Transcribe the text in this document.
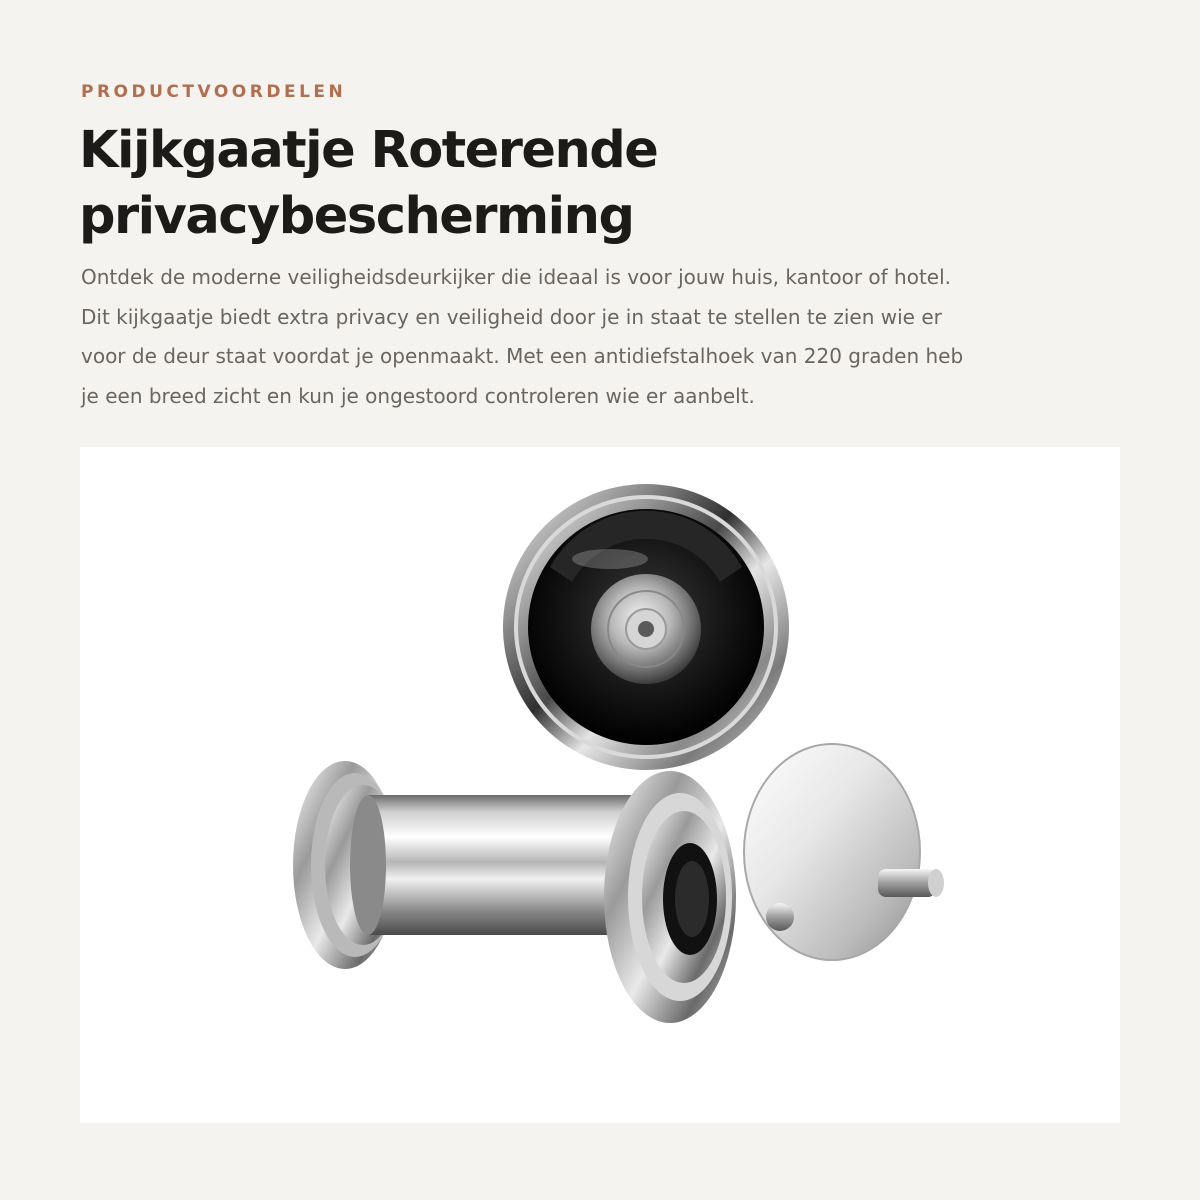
PRODUCTVOORDELEN
Kijkgaatje Roterende
privacybescherming

Ontdek de moderne veiligheidsdeurkijker die ideaal is voor jouw huis, kantoor of hotel.
Dit kijkgaatje biedt extra privacy en veiligheid door je in staat te stellen te zien wie er
voor de deur staat voordat je openmaakt. Met een antidiefstalhoek van 220 graden heb
je een breed zicht en kun je ongestoord controleren wie er aanbelt.
